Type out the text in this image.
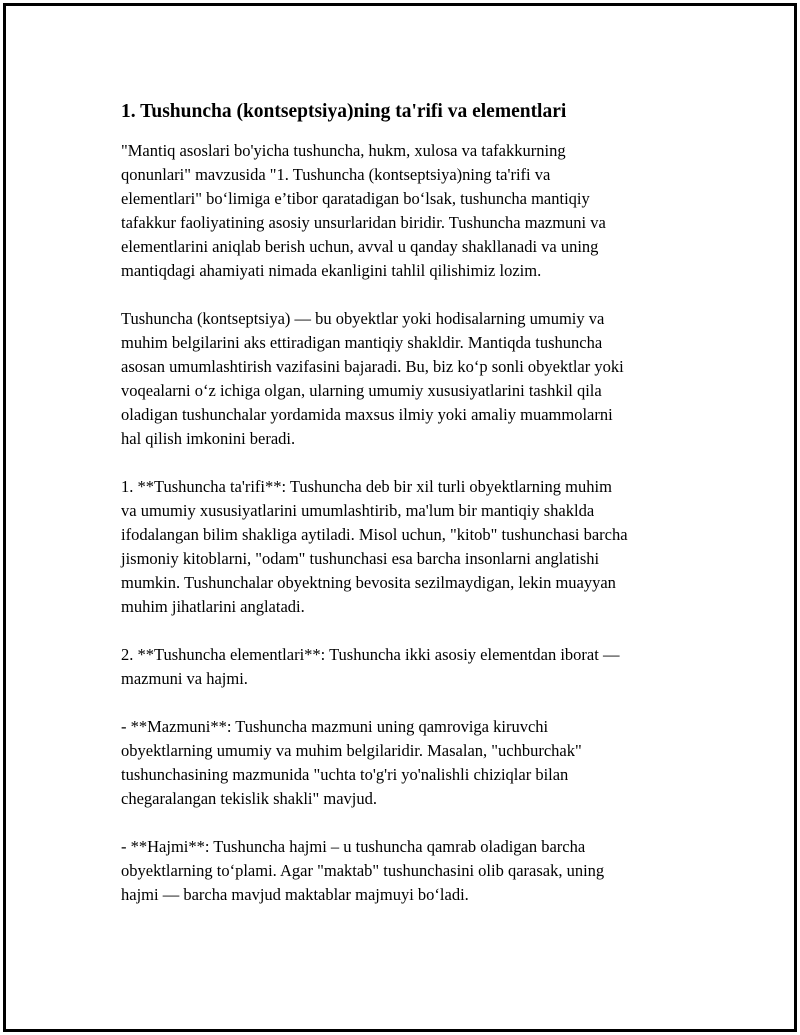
1. Tushuncha (kontseptsiya)ning ta'rifi va elementlari

"Mantiq asoslari bo'yicha tushuncha, hukm, xulosa va tafakkurning
qonunlari" mavzusida "1. Tushuncha (kontseptsiya)ning ta'rifi va
elementlari" bo‘limiga e’tibor qaratadigan bo‘lsak, tushuncha mantiqiy
tafakkur faoliyatining asosiy unsurlaridan biridir. Tushuncha mazmuni va
elementlarini aniqlab berish uchun, avval u qanday shakllanadi va uning
mantiqdagi ahamiyati nimada ekanligini tahlil qilishimiz lozim.

Tushuncha (kontseptsiya) — bu obyektlar yoki hodisalarning umumiy va
muhim belgilarini aks ettiradigan mantiqiy shakldir. Mantiqda tushuncha
asosan umumlashtirish vazifasini bajaradi. Bu, biz ko‘p sonli obyektlar yoki
voqealarni o‘z ichiga olgan, ularning umumiy xususiyatlarini tashkil qila
oladigan tushunchalar yordamida maxsus ilmiy yoki amaliy muammolarni
hal qilish imkonini beradi.

1. **Tushuncha ta'rifi**: Tushuncha deb bir xil turli obyektlarning muhim
va umumiy xususiyatlarini umumlashtirib, ma'lum bir mantiqiy shaklda
ifodalangan bilim shakliga aytiladi. Misol uchun, "kitob" tushunchasi barcha
jismoniy kitoblarni, "odam" tushunchasi esa barcha insonlarni anglatishi
mumkin. Tushunchalar obyektning bevosita sezilmaydigan, lekin muayyan
muhim jihatlarini anglatadi.

2. **Tushuncha elementlari**: Tushuncha ikki asosiy elementdan iborat —
mazmuni va hajmi.

- **Mazmuni**: Tushuncha mazmuni uning qamroviga kiruvchi
obyektlarning umumiy va muhim belgilaridir. Masalan, "uchburchak"
tushunchasining mazmunida "uchta to'g'ri yo'nalishli chiziqlar bilan
chegaralangan tekislik shakli" mavjud.

- **Hajmi**: Tushuncha hajmi – u tushuncha qamrab oladigan barcha
obyektlarning to‘plami. Agar "maktab" tushunchasini olib qarasak, uning
hajmi — barcha mavjud maktablar majmuyi bo‘ladi.
